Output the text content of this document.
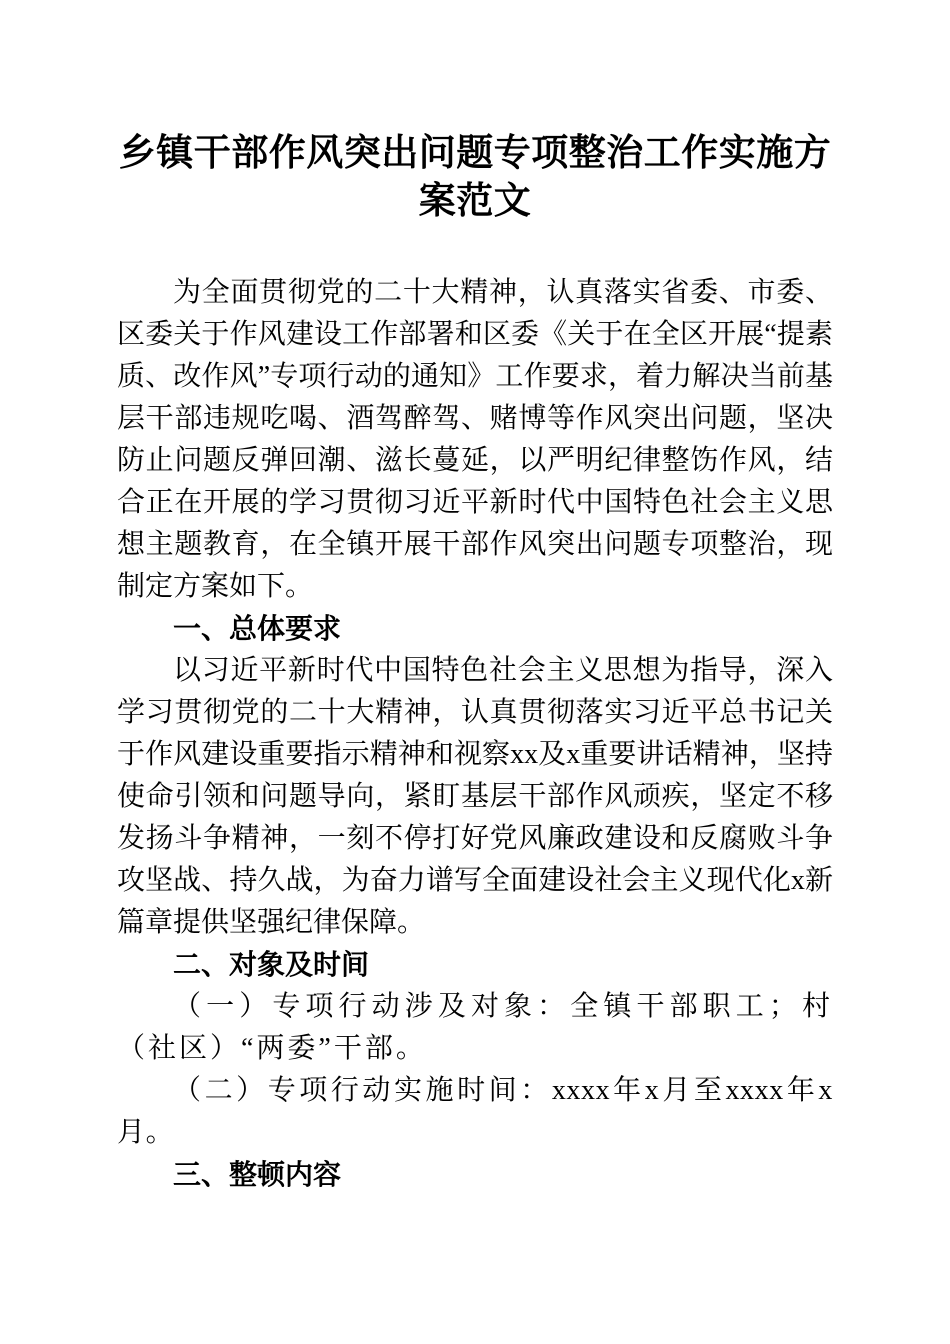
乡镇干部作风突出问题专项整治工作实施方案范文

为全面贯彻党的二十大精神，认真落实省委、市委、区委关于作风建设工作部署和区委《关于在全区开展“提素质、改作风”专项行动的通知》工作要求，着力解决当前基层干部违规吃喝、酒驾醉驾、赌博等作风突出问题，坚决防止问题反弹回潮、滋长蔓延，以严明纪律整饬作风，结合正在开展的学习贯彻习近平新时代中国特色社会主义思想主题教育，在全镇开展干部作风突出问题专项整治，现制定方案如下。

一、总体要求

以习近平新时代中国特色社会主义思想为指导，深入学习贯彻党的二十大精神，认真贯彻落实习近平总书记关于作风建设重要指示精神和视察xx及x重要讲话精神，坚持使命引领和问题导向，紧盯基层干部作风顽疾，坚定不移发扬斗争精神，一刻不停打好党风廉政建设和反腐败斗争攻坚战、持久战，为奋力谱写全面建设社会主义现代化x新篇章提供坚强纪律保障。

二、对象及时间

（一）专项行动涉及对象：全镇干部职工；村（社区）“两委”干部。

（二）专项行动实施时间：xxxx年x月至xxxx年x月。

三、整顿内容
